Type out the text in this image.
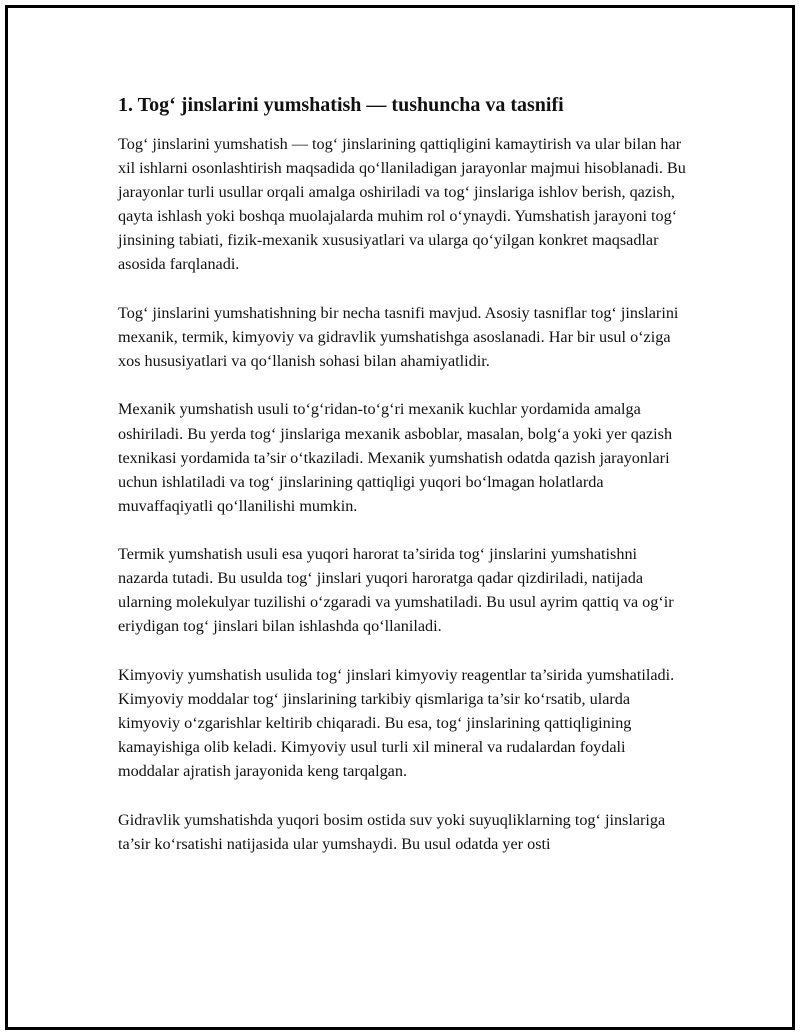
1. Tog‘ jinslarini yumshatish — tushuncha va tasnifi

Tog‘ jinslarini yumshatish — tog‘ jinslarining qattiqligini kamaytirish va ular bilan har xil ishlarni osonlashtirish maqsadida qo‘llaniladigan jarayonlar majmui hisoblanadi. Bu jarayonlar turli usullar orqali amalga oshiriladi va tog‘ jinslariga ishlov berish, qazish, qayta ishlash yoki boshqa muolajalarda muhim rol o‘ynaydi. Yumshatish jarayoni tog‘ jinsining tabiati, fizik-mexanik xususiyatlari va ularga qo‘yilgan konkret maqsadlar asosida farqlanadi.

Tog‘ jinslarini yumshatishning bir necha tasnifi mavjud. Asosiy tasniflar tog‘ jinslarini mexanik, termik, kimyoviy va gidravlik yumshatishga asoslanadi. Har bir usul o‘ziga xos hususiyatlari va qo‘llanish sohasi bilan ahamiyatlidir.

Mexanik yumshatish usuli to‘g‘ridan-to‘g‘ri mexanik kuchlar yordamida amalga oshiriladi. Bu yerda tog‘ jinslariga mexanik asboblar, masalan, bolg‘a yoki yer qazish texnikasi yordamida ta’sir o‘tkaziladi. Mexanik yumshatish odatda qazish jarayonlari uchun ishlatiladi va tog‘ jinslarining qattiqligi yuqori bo‘lmagan holatlarda muvaffaqiyatli qo‘llanilishi mumkin.

Termik yumshatish usuli esa yuqori harorat ta’sirida tog‘ jinslarini yumshatishni nazarda tutadi. Bu usulda tog‘ jinslari yuqori haroratga qadar qizdiriladi, natijada ularning molekulyar tuzilishi o‘zgaradi va yumshatiladi. Bu usul ayrim qattiq va og‘ir eriydigan tog‘ jinslari bilan ishlashda qo‘llaniladi.

Kimyoviy yumshatish usulida tog‘ jinslari kimyoviy reagentlar ta’sirida yumshatiladi. Kimyoviy moddalar tog‘ jinslarining tarkibiy qismlariga ta’sir ko‘rsatib, ularda kimyoviy o‘zgarishlar keltirib chiqaradi. Bu esa, tog‘ jinslarining qattiqligining kamayishiga olib keladi. Kimyoviy usul turli xil mineral va rudalardan foydali moddalar ajratish jarayonida keng tarqalgan.

Gidravlik yumshatishda yuqori bosim ostida suv yoki suyuqliklarning tog‘ jinslariga ta’sir ko‘rsatishi natijasida ular yumshaydi. Bu usul odatda yer osti
